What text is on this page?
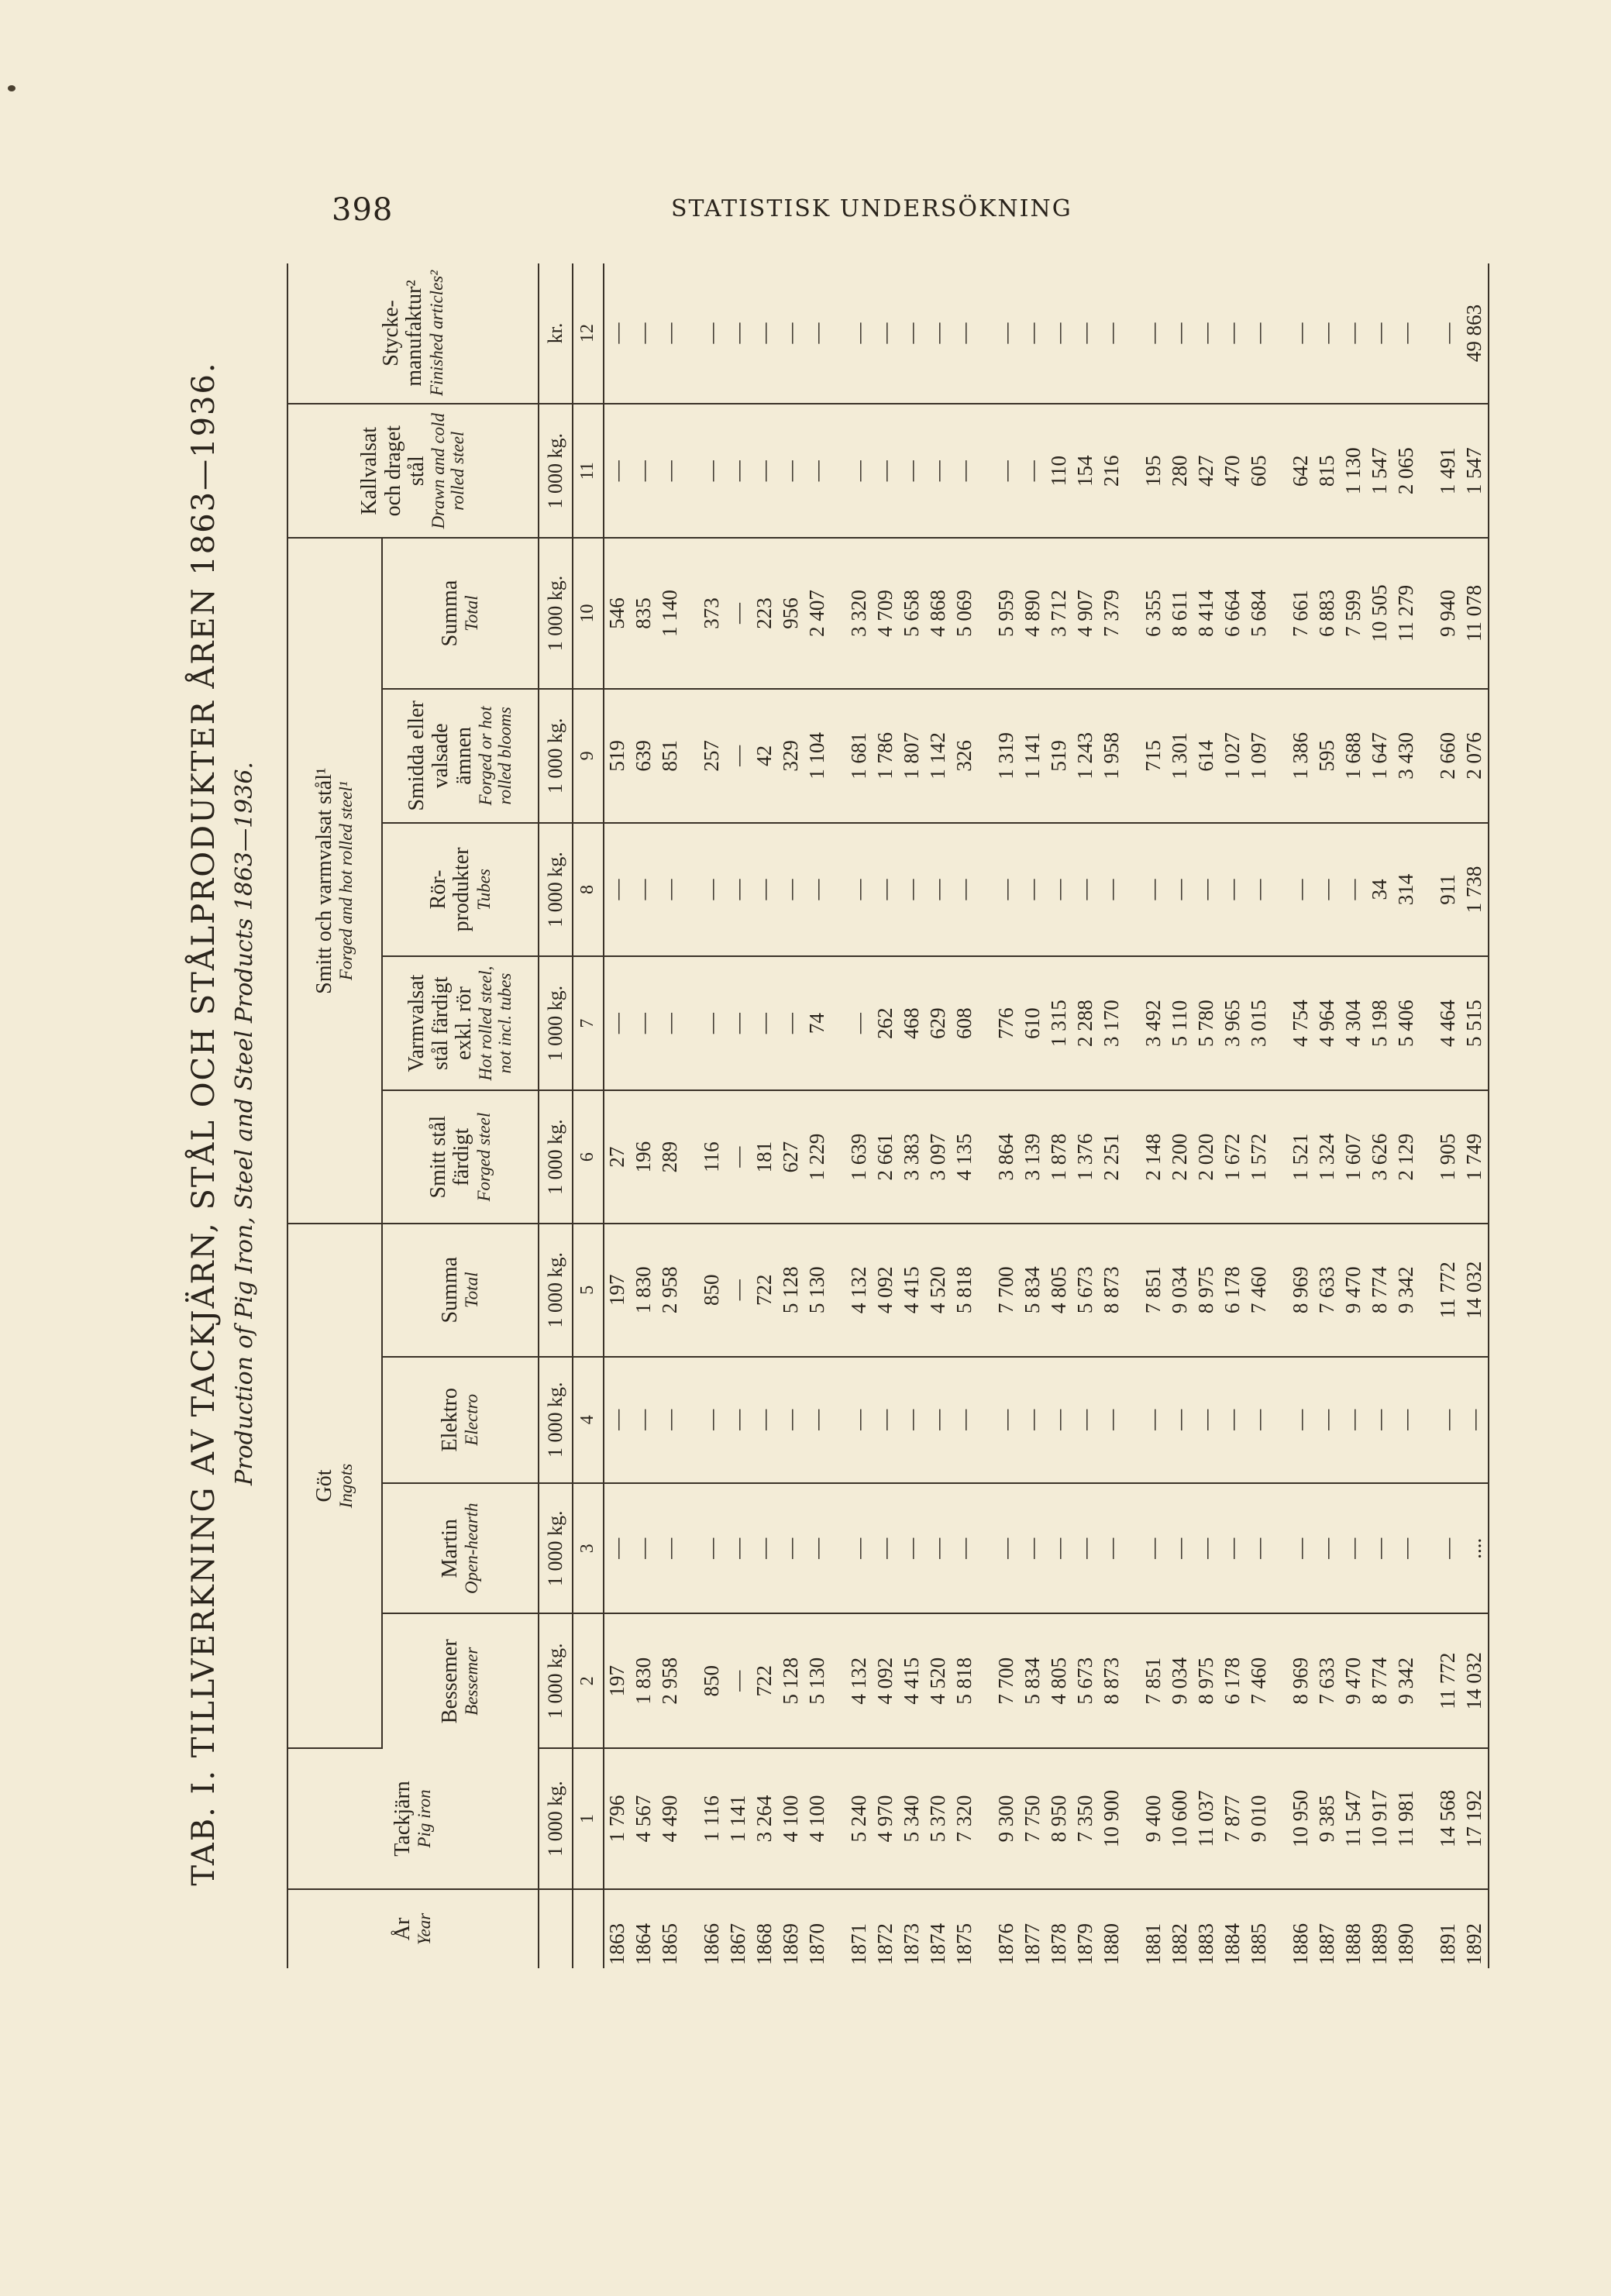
398	STATISTISK UNDERSÖKNING
TAB. I. TILLVERKNING AV TACKJÄRN, STÅL OCH STÅLPRODUKTER ÅREN 1863—1936. Production of Pig Iron, Steel and Steel Products 1863—1936.
År Year	Tackjärn Pig iron	Göt Ingots				Smitt och varmvalsat stål¹ Forged and hot rolled steel¹					Kallvalsat och draget stål Drawn and cold rolled steel	Stycke-manufaktur² Finished articles²

		Bessemer Bessemer	Martin Open-hearth	Elektro Electro	Summa Total	Smitt stål färdigt Forged steel	Varmvalsat stål färdigt exkl. rör Hot rolled steel, not incl. tubes	Rör-produkter Tubes	Smidda eller valsade ämnen Forged or hot rolled blooms	Summa Total		

	1 000 kg.	1 000 kg.	1 000 kg.	1 000 kg.	1 000 kg.	1 000 kg.	1 000 kg.	1 000 kg.	1 000 kg.	1 000 kg.	1 000 kg.	kr.
	1	2	3	4	5	6	7	8	9	10	11	12
1863	1 796	197	—	—	197	27	—	—	519	546	—	—
1864	4 567	1 830	—	—	1 830	196	—	—	639	835	—	—
1865	4 490	2 958	—	—	2 958	289	—	—	851	1 140	—	—
1866	1 116	850	—	—	850	116	—	—	257	373	—	—
1867	1 141	—	—	—	—	—	—	—	—	—	—	—
1868	3 264	722	—	—	722	181	—	—	42	223	—	—
1869	4 100	5 128	—	—	5 128	627	—	—	329	956	—	—
1870	4 100	5 130	—	—	5 130	1 229	74	—	1 104	2 407	—	—
1871	5 240	4 132	—	—	4 132	1 639	—	—	1 681	3 320	—	—
1872	4 970	4 092	—	—	4 092	2 661	262	—	1 786	4 709	—	—
1873	5 340	4 415	—	—	4 415	3 383	468	—	1 807	5 658	—	—
1874	5 370	4 520	—	—	4 520	3 097	629	—	1 142	4 868	—	—
1875	7 320	5 818	—	—	5 818	4 135	608	—	326	5 069	—	—
1876	9 300	7 700	—	—	7 700	3 864	776	—	1 319	5 959	—	—
1877	7 750	5 834	—	—	5 834	3 139	610	—	1 141	4 890	—	—
1878	8 950	4 805	—	—	4 805	1 878	1 315	—	519	3 712	110	—
1879	7 350	5 673	—	—	5 673	1 376	2 288	—	1 243	4 907	154	—
1880	10 900	8 873	—	—	8 873	2 251	3 170	—	1 958	7 379	216	—
1881	9 400	7 851	—	—	7 851	2 148	3 492	—	715	6 355	195	—
1882	10 600	9 034	—	—	9 034	2 200	5 110	—	1 301	8 611	280	—
1883	11 037	8 975	—	—	8 975	2 020	5 780	—	614	8 414	427	—
1884	7 877	6 178	—	—	6 178	1 672	3 965	—	1 027	6 664	470	—
1885	9 010	7 460	—	—	7 460	1 572	3 015	—	1 097	5 684	605	—
1886	10 950	8 969	—	—	8 969	1 521	4 754	—	1 386	7 661	642	—
1887	9 385	7 633	—	—	7 633	1 324	4 964	—	595	6 883	815	—
1888	11 547	9 470	—	—	9 470	1 607	4 304	—	1 688	7 599	1 130	—
1889	10 917	8 774	—	—	8 774	3 626	5 198	34	1 647	10 505	1 547	—
1890	11 981	9 342	—	—	9 342	2 129	5 406	314	3 430	11 279	2 065	—
1891	14 568	11 772	—	—	11 772	1 905	4 464	911	2 660	9 940	1 491	—
1892	17 192	14 032	....	—	14 032	1 749	5 515	1 738	2 076	11 078	1 547	49 863
